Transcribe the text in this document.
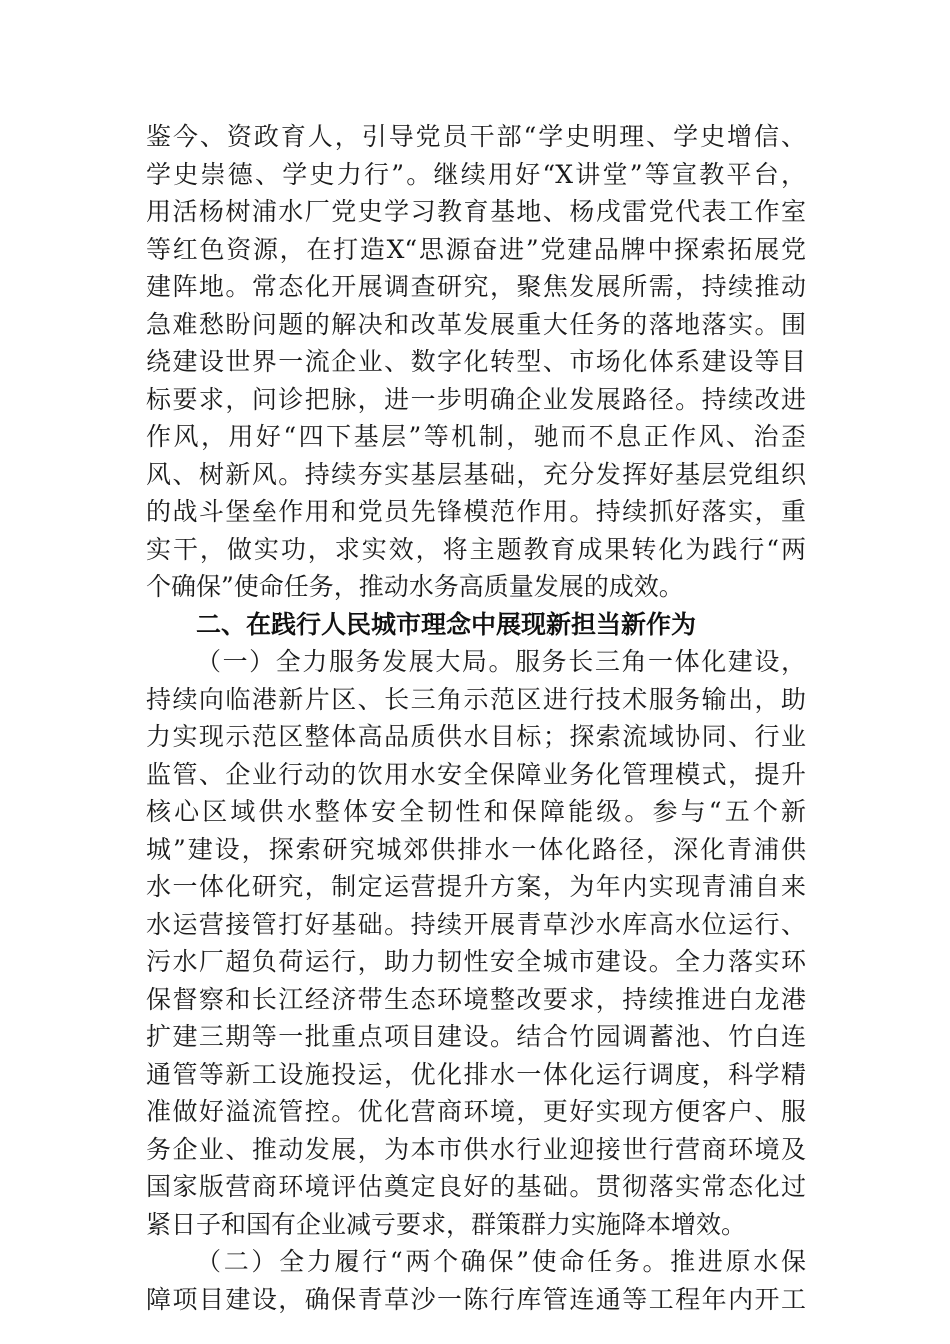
鉴今、资政育人，引导党员干部“学史明理、学史增信、
学史崇德、学史力行”。继续用好“X讲堂”等宣教平台，
用活杨树浦水厂党史学习教育基地、杨戌雷党代表工作室
等红色资源，在打造X“思源奋进”党建品牌中探索拓展党
建阵地。常态化开展调查研究，聚焦发展所需，持续推动
急难愁盼问题的解决和改革发展重大任务的落地落实。围
绕建设世界一流企业、数字化转型、市场化体系建设等目
标要求，问诊把脉，进一步明确企业发展路径。持续改进
作风，用好“四下基层”等机制，驰而不息正作风、治歪
风、树新风。持续夯实基层基础，充分发挥好基层党组织
的战斗堡垒作用和党员先锋模范作用。持续抓好落实，重
实干，做实功，求实效，将主题教育成果转化为践行“两
个确保”使命任务，推动水务高质量发展的成效。
二、在践行人民城市理念中展现新担当新作为
（一）全力服务发展大局。服务长三角一体化建设，
持续向临港新片区、长三角示范区进行技术服务输出，助
力实现示范区整体高品质供水目标；探索流域协同、行业
监管、企业行动的饮用水安全保障业务化管理模式，提升
核心区域供水整体安全韧性和保障能级。参与“五个新
城”建设，探索研究城郊供排水一体化路径，深化青浦供
水一体化研究，制定运营提升方案，为年内实现青浦自来
水运营接管打好基础。持续开展青草沙水库高水位运行、
污水厂超负荷运行，助力韧性安全城市建设。全力落实环
保督察和长江经济带生态环境整改要求，持续推进白龙港
扩建三期等一批重点项目建设。结合竹园调蓄池、竹白连
通管等新工设施投运，优化排水一体化运行调度，科学精
准做好溢流管控。优化营商环境，更好实现方便客户、服
务企业、推动发展，为本市供水行业迎接世行营商环境及
国家版营商环境评估奠定良好的基础。贯彻落实常态化过
紧日子和国有企业减亏要求，群策群力实施降本增效。
（二）全力履行“两个确保”使命任务。推进原水保
障项目建设，确保青草沙一陈行库管连通等工程年内开工
